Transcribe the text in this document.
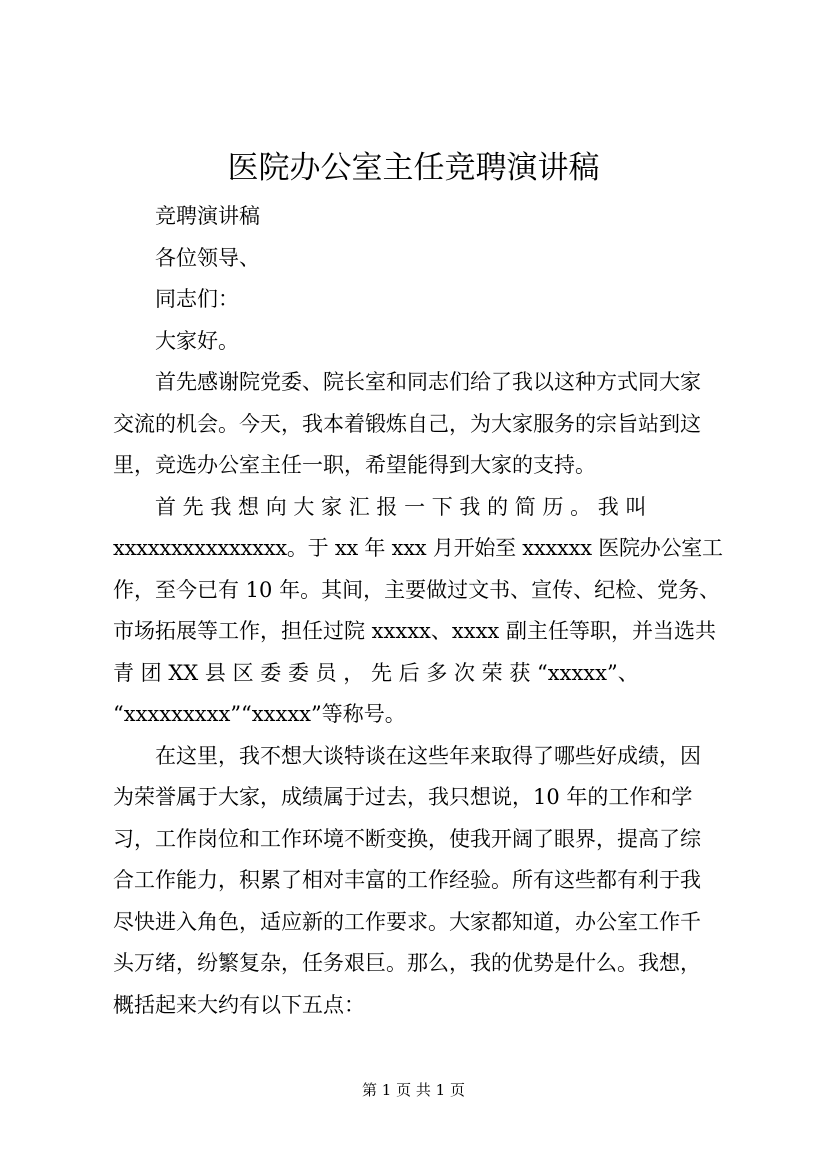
医院办公室主任竞聘演讲稿
竞聘演讲稿
各位领导、
同志们：
大家好。
首先感谢院党委、院长室和同志们给了我以这种方式同大家
交流的机会。今天，我本着锻炼自己，为大家服务的宗旨站到这
里，竞选办公室主任一职，希望能得到大家的支持。
首 先 我 想 向 大 家 汇 报 一 下 我 的 简 历 。 我 叫
xxxxxxxxxxxxxxx。于 xx 年 xxx 月开始至 xxxxxx 医院办公室工
作，至今已有 10 年。其间，主要做过文书、宣传、纪检、党务、
市场拓展等工作，担任过院 xxxxx、xxxx 副主任等职，并当选共
青 团 XX 县 区 委 委 员 ， 先 后 多 次 荣 获 “xxxxx”、
“xxxxxxxxx”“xxxxx”等称号。
在这里，我不想大谈特谈在这些年来取得了哪些好成绩，因
为荣誉属于大家，成绩属于过去，我只想说，10 年的工作和学
习，工作岗位和工作环境不断变换，使我开阔了眼界，提高了综
合工作能力，积累了相对丰富的工作经验。所有这些都有利于我
尽快进入角色，适应新的工作要求。大家都知道，办公室工作千
头万绪，纷繁复杂，任务艰巨。那么，我的优势是什么。我想，
概括起来大约有以下五点：
第 1 页 共 1 页
